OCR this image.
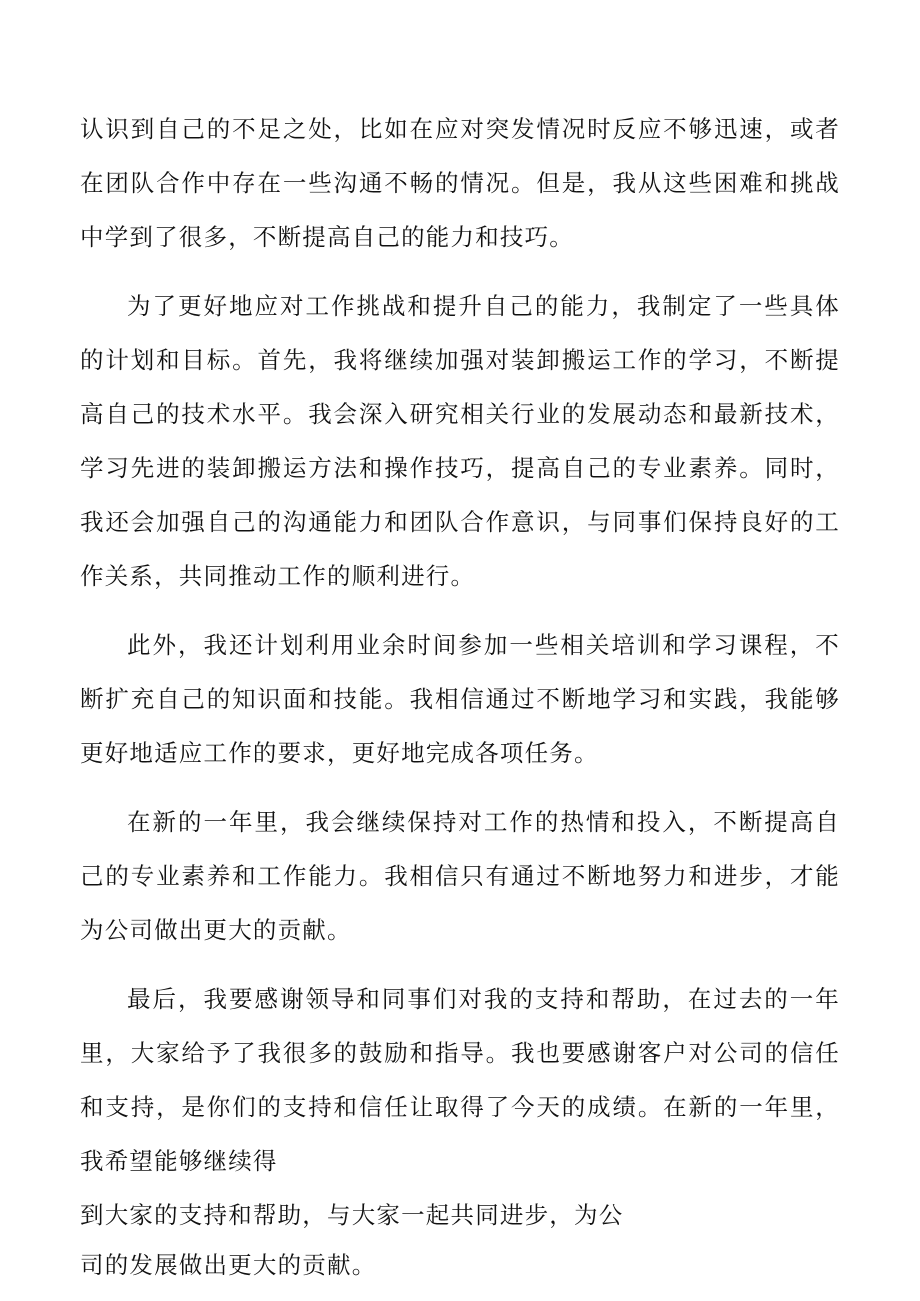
认识到自己的不足之处，比如在应对突发情况时反应不够迅速，或者在团队合作中存在一些沟通不畅的情况。但是，我从这些困难和挑战中学到了很多，不断提高自己的能力和技巧。

为了更好地应对工作挑战和提升自己的能力，我制定了一些具体的计划和目标。首先，我将继续加强对装卸搬运工作的学习，不断提高自己的技术水平。我会深入研究相关行业的发展动态和最新技术，学习先进的装卸搬运方法和操作技巧，提高自己的专业素养。同时，我还会加强自己的沟通能力和团队合作意识，与同事们保持良好的工作关系，共同推动工作的顺利进行。

此外，我还计划利用业余时间参加一些相关培训和学习课程，不断扩充自己的知识面和技能。我相信通过不断地学习和实践，我能够更好地适应工作的要求，更好地完成各项任务。

在新的一年里，我会继续保持对工作的热情和投入，不断提高自己的专业素养和工作能力。我相信只有通过不断地努力和进步，才能为公司做出更大的贡献。

最后，我要感谢领导和同事们对我的支持和帮助，在过去的一年里，大家给予了我很多的鼓励和指导。我也要感谢客户对公司的信任和支持，是你们的支持和信任让取得了今天的成绩。在新的一年里，我希望能够继续得

到大家的支持和帮助，与大家一起共同进步，为公
司的发展做出更大的贡献。
